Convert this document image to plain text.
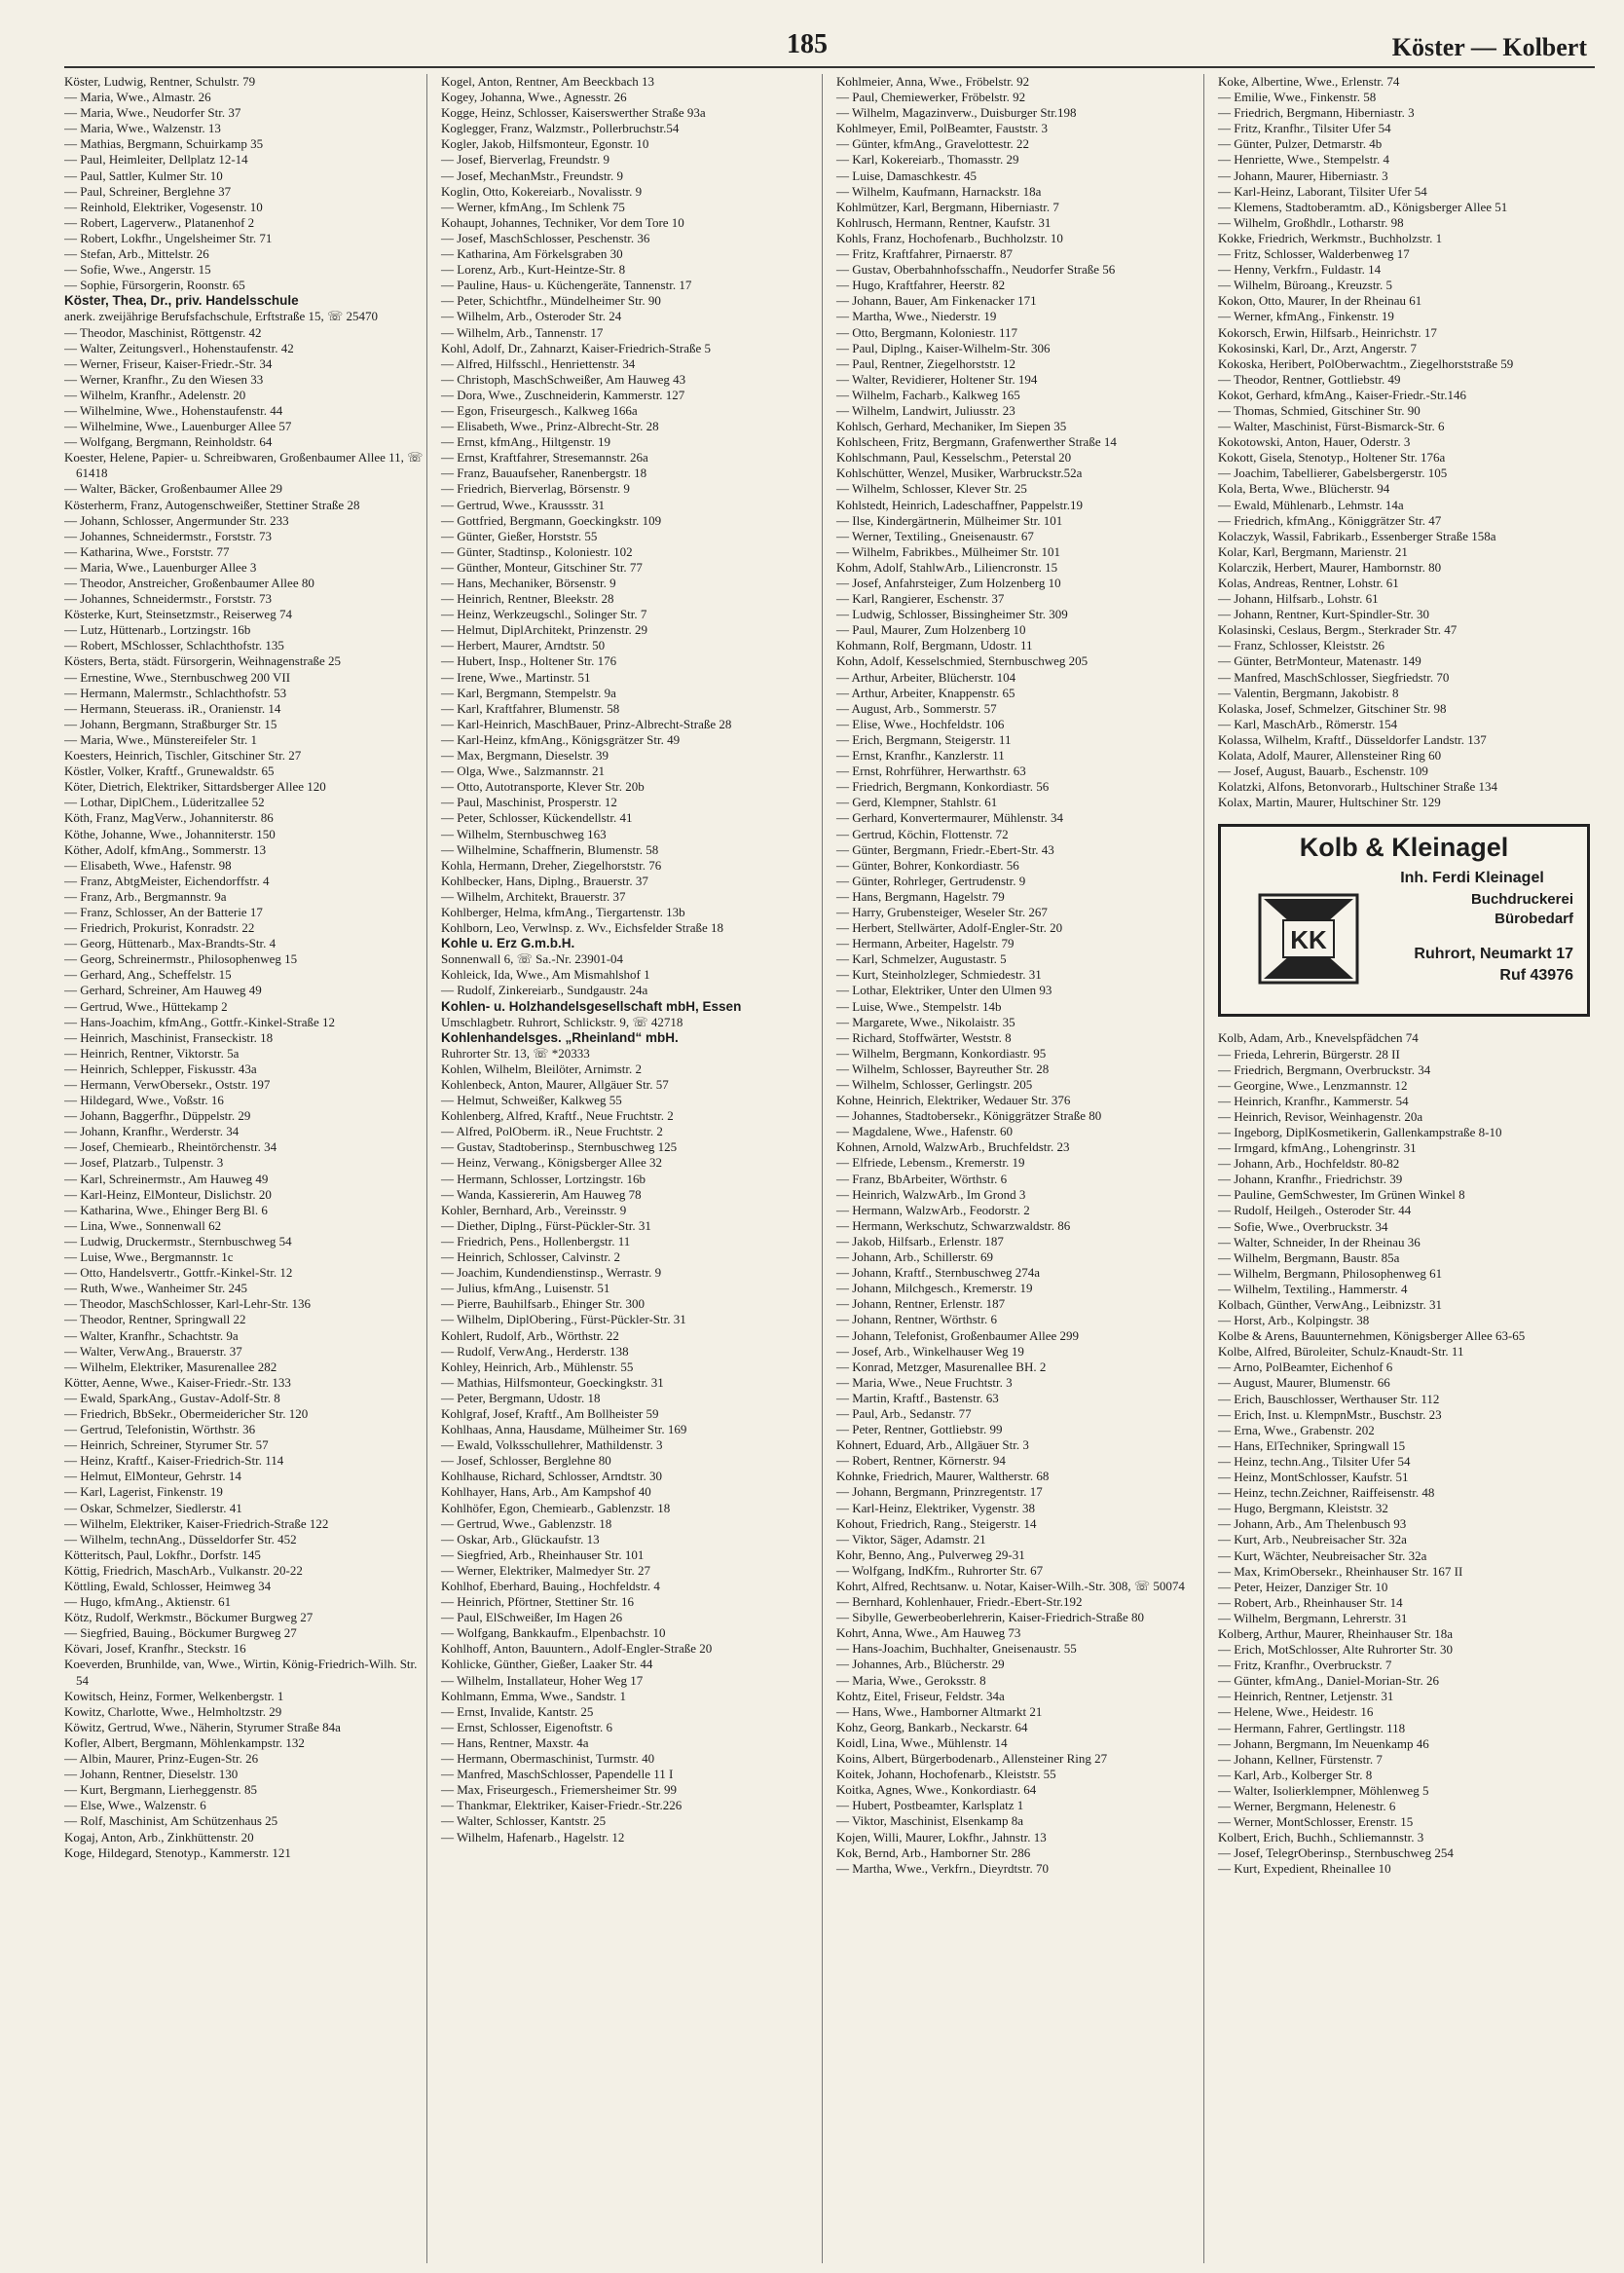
185	Köster — Kolbert
Köster, Ludwig, Rentner, Schulstr. 79
— Maria, Wwe., Almastr. 26
— Maria, Wwe., Neudorfer Str. 37
— Maria, Wwe., Walzenstr. 13
— Mathias, Bergmann, Schuirkamp 35
— Paul, Heimleiter, Dellplatz 12-14
— Paul, Sattler, Kulmer Str. 10
— Paul, Schreiner, Berglehne 37
— Reinhold, Elektriker, Vogesenstr. 10
— Robert, Lagerverw., Platanenhof 2
— Robert, Lokfhr., Ungelsheimer Str. 71
— Stefan, Arb., Mittelstr. 26
— Sofie, Wwe., Angerstr. 15
— Sophie, Fürsorgerin, Roonstr. 65
Köster, Thea, Dr., priv. Handelsschule
anerk. zweijährige Berufsfachschule, Erftstraße 15, ☏ 25470
— Theodor, Maschinist, Röttgenstr. 42
— Walter, Zeitungsverl., Hohenstaufenstr. 42
— Werner, Friseur, Kaiser-Friedr.-Str. 34
— Werner, Kranfhr., Zu den Wiesen 33
— Wilhelm, Kranfhr., Adelenstr. 20
— Wilhelmine, Wwe., Hohenstaufenstr. 44
— Wilhelmine, Wwe., Lauenburger Allee 57
— Wolfgang, Bergmann, Reinholdstr. 64
Koester, Helene, Papier- u. Schreibwaren, Großenbaumer Allee 11, ☏ 61418
— Walter, Bäcker, Großenbaumer Allee 29
Kösterherm, Franz, Autogenschweißer, Stettiner Straße 28
— Johann, Schlosser, Angermunder Str. 233
— Johannes, Schneidermstr., Forststr. 73
— Katharina, Wwe., Forststr. 77
— Maria, Wwe., Lauenburger Allee 3
— Theodor, Anstreicher, Großenbaumer Allee 80
— Johannes, Schneidermstr., Forststr. 73
Kösterke, Kurt, Steinsetzmstr., Reiserweg 74
— Lutz, Hüttenarb., Lortzingstr. 16b
— Robert, MSchlosser, Schlachthofstr. 135
Kösters, Berta, städt. Fürsorgerin, Weihnagenstraße 25
— Ernestine, Wwe., Sternbuschweg 200 VII
— Hermann, Malermstr., Schlachthofstr. 53
— Hermann, Steuerass. iR., Oranienstr. 14
— Johann, Bergmann, Straßburger Str. 15
— Maria, Wwe., Münstereifeler Str. 1
Koesters, Heinrich, Tischler, Gitschiner Str. 27
Köstler, Volker, Kraftf., Grunewaldstr. 65
Köter, Dietrich, Elektriker, Sittardsberger Allee 120
— Lothar, DiplChem., Lüderitzallee 52
Köth, Franz, MagVerw., Johanniterstr. 86
Köthe, Johanne, Wwe., Johanniterstr. 150
Köther, Adolf, kfmAng., Sommerstr. 13
— Elisabeth, Wwe., Hafenstr. 98
— Franz, AbtgMeister, Eichendorffstr. 4
— Franz, Arb., Bergmannstr. 9a
— Franz, Schlosser, An der Batterie 17
— Friedrich, Prokurist, Konradstr. 22
— Georg, Hüttenarb., Max-Brandts-Str. 4
— Georg, Schreinermstr., Philosophenweg 15
— Gerhard, Ang., Scheffelstr. 15
— Gerhard, Schreiner, Am Hauweg 49
— Gertrud, Wwe., Hüttekamp 2
— Hans-Joachim, kfmAng., Gottfr.-Kinkel-Straße 12
— Heinrich, Maschinist, Franseckistr. 18
— Heinrich, Rentner, Viktorstr. 5a
— Heinrich, Schlepper, Fiskusstr. 43a
— Hermann, VerwObersekr., Oststr. 197
— Hildegard, Wwe., Voßstr. 16
— Johann, Baggerfhr., Düppelstr. 29
— Johann, Kranfhr., Werderstr. 34
— Josef, Chemiearb., Rheintörchenstr. 34
— Josef, Platzarb., Tulpenstr. 3
— Karl, Schreinermstr., Am Hauweg 49
— Karl-Heinz, ElMonteur, Dislichstr. 20
— Katharina, Wwe., Ehinger Berg Bl. 6
— Lina, Wwe., Sonnenwall 62
— Ludwig, Druckermstr., Sternbuschweg 54
— Luise, Wwe., Bergmannstr. 1c
— Otto, Handelsvertr., Gottfr.-Kinkel-Str. 12
— Ruth, Wwe., Wanheimer Str. 245
— Theodor, MaschSchlosser, Karl-Lehr-Str. 136
— Theodor, Rentner, Springwall 22
— Walter, Kranfhr., Schachtstr. 9a
— Walter, VerwAng., Brauerstr. 37
— Wilhelm, Elektriker, Masurenallee 282
Kötter, Aenne, Wwe., Kaiser-Friedr.-Str. 133
— Ewald, SparkAng., Gustav-Adolf-Str. 8
— Friedrich, BbSekr., Obermeidericher Str. 120
— Gertrud, Telefonistin, Wörthstr. 36
— Heinrich, Schreiner, Styrumer Str. 57
— Heinz, Kraftf., Kaiser-Friedrich-Str. 114
— Helmut, ElMonteur, Gehrstr. 14
— Karl, Lagerist, Finkenstr. 19
— Oskar, Schmelzer, Siedlerstr. 41
— Wilhelm, Elektriker, Kaiser-Friedrich-Straße 122
— Wilhelm, technAng., Düsseldorfer Str. 452
Kötteritsch, Paul, Lokfhr., Dorfstr. 145
Köttig, Friedrich, MaschArb., Vulkanstr. 20-22
Köttling, Ewald, Schlosser, Heimweg 34
— Hugo, kfmAng., Aktienstr. 61
Kötz, Rudolf, Werkmstr., Böckumer Burgweg 27
— Siegfried, Bauing., Böckumer Burgweg 27
Kövari, Josef, Kranfhr., Steckstr. 16
Koeverden, Brunhilde, van, Wwe., Wirtin, König-Friedrich-Wilh. Str. 54
Kowitsch, Heinz, Former, Welkenbergstr. 1
Kowitz, Charlotte, Wwe., Helmholtzstr. 29
Köwitz, Gertrud, Wwe., Näherin, Styrumer Straße 84a
Kofler, Albert, Bergmann, Möhlenkampstr. 132
— Albin, Maurer, Prinz-Eugen-Str. 26
— Johann, Rentner, Dieselstr. 130
— Kurt, Bergmann, Lierheggenstr. 85
— Else, Wwe., Walzenstr. 6
— Rolf, Maschinist, Am Schützenhaus 25
Kogaj, Anton, Arb., Zinkhüttenstr. 20
Koge, Hildegard, Stenotyp., Kammerstr. 121
Kogel, Anton, Rentner, Am Beeckbach 13
Kogey, Johanna, Wwe., Agnesstr. 26
Kogge, Heinz, Schlosser, Kaiserswerther Straße 93a
Koglegger, Franz, Walzmstr., Pollerbruchstr.54
Kogler, Jakob, Hilfsmonteur, Egonstr. 10
— Josef, Bierverlag, Freundstr. 9
— Josef, MechanMstr., Freundstr. 9
Koglin, Otto, Kokereiarb., Novalisstr. 9
— Werner, kfmAng., Im Schlenk 75
Kohaupt, Johannes, Techniker, Vor dem Tore 10
— Josef, MaschSchlosser, Peschenstr. 36
— Katharina, Am Förkelsgraben 30
— Lorenz, Arb., Kurt-Heintze-Str. 8
— Pauline, Haus- u. Küchengeräte, Tannenstr. 17
— Peter, Schichtfhr., Mündelheimer Str. 90
— Wilhelm, Arb., Osteroder Str. 24
— Wilhelm, Arb., Tannenstr. 17
Kohl, Adolf, Dr., Zahnarzt, Kaiser-Friedrich-Straße 5
— Alfred, Hilfsschl., Henriettenstr. 34
— Christoph, MaschSchweißer, Am Hauweg 43
— Dora, Wwe., Zuschneiderin, Kammerstr. 127
— Egon, Friseurgesch., Kalkweg 166a
— Elisabeth, Wwe., Prinz-Albrecht-Str. 28
— Ernst, kfmAng., Hiltgenstr. 19
— Ernst, Kraftfahrer, Stresemannstr. 26a
— Franz, Bauaufseher, Ranenbergstr. 18
— Friedrich, Bierverlag, Börsenstr. 9
— Gertrud, Wwe., Kraussstr. 31
— Gottfried, Bergmann, Goeckingkstr. 109
— Günter, Gießer, Horststr. 55
— Günter, Stadtinsp., Koloniestr. 102
— Günther, Monteur, Gitschiner Str. 77
— Hans, Mechaniker, Börsenstr. 9
— Heinrich, Rentner, Bleekstr. 28
— Heinz, Werkzeugschl., Solinger Str. 7
— Helmut, DiplArchitekt, Prinzenstr. 29
— Herbert, Maurer, Arndtstr. 50
— Hubert, Insp., Holtener Str. 176
— Irene, Wwe., Martinstr. 51
— Karl, Bergmann, Stempelstr. 9a
— Karl, Kraftfahrer, Blumenstr. 58
— Karl-Heinrich, MaschBauer, Prinz-Albrecht-Straße 28
— Karl-Heinz, kfmAng., Königsgrätzer Str. 49
— Max, Bergmann, Dieselstr. 39
— Olga, Wwe., Salzmannstr. 21
— Otto, Autotransporte, Klever Str. 20b
— Paul, Maschinist, Prosperstr. 12
— Peter, Schlosser, Kückendellstr. 41
— Wilhelm, Sternbuschweg 163
— Wilhelmine, Schaffnerin, Blumenstr. 58
Kohla, Hermann, Dreher, Ziegelhorststr. 76
Kohlbecker, Hans, Diplng., Brauerstr. 37
— Wilhelm, Architekt, Brauerstr. 37
Kohlberger, Helma, kfmAng., Tiergartenstr. 13b
Kohlborn, Leo, Verwlnsp. z. Wv., Eichsfelder Straße 18
Kohle u. Erz G.m.b.H.
Sonnenwall 6, ☏ Sa.-Nr. 23901-04
Kohleick, Ida, Wwe., Am Mismahlshof 1
— Rudolf, Zinkereiarb., Sundgaustr. 24a
Kohlen- u. Holzhandelsgesellschaft mbH, Essen
Umschlagbetr. Ruhrort, Schlickstr. 9, ☏ 42718
Kohlenhandelsges. „Rheinland“ mbH.
Ruhrorter Str. 13, ☏ *20333
Kohlen, Wilhelm, Bleilöter, Arnimstr. 2
Kohlenbeck, Anton, Maurer, Allgäuer Str. 57
— Helmut, Schweißer, Kalkweg 55
Kohlenberg, Alfred, Kraftf., Neue Fruchtstr. 2
— Alfred, PolOberm. iR., Neue Fruchtstr. 2
— Gustav, Stadtoberinsp., Sternbuschweg 125
— Heinz, Verwang., Königsberger Allee 32
— Hermann, Schlosser, Lortzingstr. 16b
— Wanda, Kassiererin, Am Hauweg 78
Kohler, Bernhard, Arb., Vereinsstr. 9
— Diether, Diplng., Fürst-Pückler-Str. 31
— Friedrich, Pens., Hollenbergstr. 11
— Heinrich, Schlosser, Calvinstr. 2
— Joachim, Kundendienstinsp., Werrastr. 9
— Julius, kfmAng., Luisenstr. 51
— Pierre, Bauhilfsarb., Ehinger Str. 300
— Wilhelm, DiplObering., Fürst-Pückler-Str. 31
Kohlert, Rudolf, Arb., Wörthstr. 22
— Rudolf, VerwAng., Herderstr. 138
Kohley, Heinrich, Arb., Mühlenstr. 55
— Mathias, Hilfsmonteur, Goeckingkstr. 31
— Peter, Bergmann, Udostr. 18
Kohlgraf, Josef, Kraftf., Am Bollheister 59
Kohlhaas, Anna, Hausdame, Mülheimer Str. 169
— Ewald, Volksschullehrer, Mathildenstr. 3
— Josef, Schlosser, Berglehne 80
Kohlhause, Richard, Schlosser, Arndtstr. 30
Kohlhayer, Hans, Arb., Am Kampshof 40
Kohlhöfer, Egon, Chemiearb., Gablenzstr. 18
— Gertrud, Wwe., Gablenzstr. 18
— Oskar, Arb., Glückaufstr. 13
— Siegfried, Arb., Rheinhauser Str. 101
— Werner, Elektriker, Malmedyer Str. 27
Kohlhof, Eberhard, Bauing., Hochfeldstr. 4
— Heinrich, Pförtner, Stettiner Str. 16
— Paul, ElSchweißer, Im Hagen 26
— Wolfgang, Bankkaufm., Elpenbachstr. 10
Kohlhoff, Anton, Bauuntern., Adolf-Engler-Straße 20
Kohlicke, Günther, Gießer, Laaker Str. 44
— Wilhelm, Installateur, Hoher Weg 17
Kohlmann, Emma, Wwe., Sandstr. 1
— Ernst, Invalide, Kantstr. 25
— Ernst, Schlosser, Eigenoftstr. 6
— Hans, Rentner, Maxstr. 4a
— Hermann, Obermaschinist, Turmstr. 40
— Manfred, MaschSchlosser, Papendelle 11 I
— Max, Friseurgesch., Friemersheimer Str. 99
— Thankmar, Elektriker, Kaiser-Friedr.-Str.226
— Walter, Schlosser, Kantstr. 25
— Wilhelm, Hafenarb., Hagelstr. 12
Kohlmeier, Anna, Wwe., Fröbelstr. 92
— Paul, Chemiewerker, Fröbelstr. 92
— Wilhelm, Magazinverw., Duisburger Str.198
Kohlmeyer, Emil, PolBeamter, Fauststr. 3
— Günter, kfmAng., Gravelottestr. 22
— Karl, Kokereiarb., Thomasstr. 29
— Luise, Damaschkestr. 45
— Wilhelm, Kaufmann, Harnackstr. 18a
Kohlmützer, Karl, Bergmann, Hiberniastr. 7
Kohlrusch, Hermann, Rentner, Kaufstr. 31
Kohls, Franz, Hochofenarb., Buchholzstr. 10
— Fritz, Kraftfahrer, Pirnaerstr. 87
— Gustav, Oberbahnhofsschaffn., Neudorfer Straße 56
— Hugo, Kraftfahrer, Heerstr. 82
— Johann, Bauer, Am Finkenacker 171
— Martha, Wwe., Niederstr. 19
— Otto, Bergmann, Koloniestr. 117
— Paul, Diplng., Kaiser-Wilhelm-Str. 306
— Paul, Rentner, Ziegelhorststr. 12
— Walter, Revidierer, Holtener Str. 194
— Wilhelm, Facharb., Kalkweg 165
— Wilhelm, Landwirt, Juliusstr. 23
Kohlsch, Gerhard, Mechaniker, Im Siepen 35
Kohlscheen, Fritz, Bergmann, Grafenwerther Straße 14
Kohlschmann, Paul, Kesselschm., Peterstal 20
Kohlschütter, Wenzel, Musiker, Warbruckstr.52a
— Wilhelm, Schlosser, Klever Str. 25
Kohlstedt, Heinrich, Ladeschaffner, Pappelstr.19
— Ilse, Kindergärtnerin, Mülheimer Str. 101
— Werner, Textiling., Gneisenaustr. 67
— Wilhelm, Fabrikbes., Mülheimer Str. 101
Kohm, Adolf, StahlwArb., Liliencronstr. 15
— Josef, Anfahrsteiger, Zum Holzenberg 10
— Karl, Rangierer, Eschenstr. 37
— Ludwig, Schlosser, Bissingheimer Str. 309
— Paul, Maurer, Zum Holzenberg 10
Kohmann, Rolf, Bergmann, Udostr. 11
Kohn, Adolf, Kesselschmied, Sternbuschweg 205
— Arthur, Arbeiter, Blücherstr. 104
— Arthur, Arbeiter, Knappenstr. 65
— August, Arb., Sommerstr. 57
— Elise, Wwe., Hochfeldstr. 106
— Erich, Bergmann, Steigerstr. 11
— Ernst, Kranfhr., Kanzlerstr. 11
— Ernst, Rohrführer, Herwarthstr. 63
— Friedrich, Bergmann, Konkordiastr. 56
— Gerd, Klempner, Stahlstr. 61
— Gerhard, Konvertermaurer, Mühlenstr. 34
— Gertrud, Köchin, Flottenstr. 72
— Günter, Bergmann, Friedr.-Ebert-Str. 43
— Günter, Bohrer, Konkordiastr. 56
— Günter, Rohrleger, Gertrudenstr. 9
— Hans, Bergmann, Hagelstr. 79
— Harry, Grubensteiger, Weseler Str. 267
— Herbert, Stellwärter, Adolf-Engler-Str. 20
— Hermann, Arbeiter, Hagelstr. 79
— Karl, Schmelzer, Augustastr. 5
— Kurt, Steinholzleger, Schmiedestr. 31
— Lothar, Elektriker, Unter den Ulmen 93
— Luise, Wwe., Stempelstr. 14b
— Margarete, Wwe., Nikolaistr. 35
— Richard, Stoffwärter, Weststr. 8
— Wilhelm, Bergmann, Konkordiastr. 95
— Wilhelm, Schlosser, Bayreuther Str. 28
— Wilhelm, Schlosser, Gerlingstr. 205
Kohne, Heinrich, Elektriker, Wedauer Str. 376
— Johannes, Stadtobersekr., Königgrätzer Straße 80
— Magdalene, Wwe., Hafenstr. 60
Kohnen, Arnold, WalzwArb., Bruchfeldstr. 23
— Elfriede, Lebensm., Kremerstr. 19
— Franz, BbArbeiter, Wörthstr. 6
— Heinrich, WalzwArb., Im Grond 3
— Hermann, WalzwArb., Feodorstr. 2
— Hermann, Werkschutz, Schwarzwaldstr. 86
— Jakob, Hilfsarb., Erlenstr. 187
— Johann, Arb., Schillerstr. 69
— Johann, Kraftf., Sternbuschweg 274a
— Johann, Milchgesch., Kremerstr. 19
— Johann, Rentner, Erlenstr. 187
— Johann, Rentner, Wörthstr. 6
— Johann, Telefonist, Großenbaumer Allee 299
— Josef, Arb., Winkelhauser Weg 19
— Konrad, Metzger, Masurenallee BH. 2
— Maria, Wwe., Neue Fruchtstr. 3
— Martin, Kraftf., Bastenstr. 63
— Paul, Arb., Sedanstr. 77
— Peter, Rentner, Gottliebstr. 99
Kohnert, Eduard, Arb., Allgäuer Str. 3
— Robert, Rentner, Körnerstr. 94
Kohnke, Friedrich, Maurer, Waltherstr. 68
— Johann, Bergmann, Prinzregentstr. 17
— Karl-Heinz, Elektriker, Vygenstr. 38
Kohout, Friedrich, Rang., Steigerstr. 14
— Viktor, Säger, Adamstr. 21
Kohr, Benno, Ang., Pulverweg 29-31
— Wolfgang, IndKfm., Ruhrorter Str. 67
Kohrt, Alfred, Rechtsanw. u. Notar, Kaiser-Wilh.-Str. 308, ☏ 50074
— Bernhard, Kohlenhauer, Friedr.-Ebert-Str.192
— Sibylle, Gewerbeoberlehrerin, Kaiser-Friedrich-Straße 80
Kohrt, Anna, Wwe., Am Hauweg 73
— Hans-Joachim, Buchhalter, Gneisenaustr. 55
— Johannes, Arb., Blücherstr. 29
— Maria, Wwe., Geroksstr. 8
Kohtz, Eitel, Friseur, Feldstr. 34a
— Hans, Wwe., Hamborner Altmarkt 21
Kohz, Georg, Bankarb., Neckarstr. 64
Koidl, Lina, Wwe., Mühlenstr. 14
Koins, Albert, Bürgerbodenarb., Allensteiner Ring 27
Koitek, Johann, Hochofenarb., Kleiststr. 55
Koitka, Agnes, Wwe., Konkordiastr. 64
— Hubert, Postbeamter, Karlsplatz 1
— Viktor, Maschinist, Elsenkamp 8a
Kojen, Willi, Maurer, Lokfhr., Jahnstr. 13
Kok, Bernd, Arb., Hamborner Str. 286
— Martha, Wwe., Verkfrn., Dieyrdtstr. 70
Koke, Albertine, Wwe., Erlenstr. 74
— Emilie, Wwe., Finkenstr. 58
— Friedrich, Bergmann, Hiberniastr. 3
— Fritz, Kranfhr., Tilsiter Ufer 54
— Günter, Pulzer, Detmarstr. 4b
— Henriette, Wwe., Stempelstr. 4
— Johann, Maurer, Hiberniastr. 3
— Karl-Heinz, Laborant, Tilsiter Ufer 54
— Klemens, Stadtoberamtm. aD., Königsberger Allee 51
— Wilhelm, Großhdlr., Lotharstr. 98
Kokke, Friedrich, Werkmstr., Buchholzstr. 1
— Fritz, Schlosser, Walderbenweg 17
— Henny, Verkfrn., Fuldastr. 14
— Wilhelm, Büroang., Kreuzstr. 5
Kokon, Otto, Maurer, In der Rheinau 61
— Werner, kfmAng., Finkenstr. 19
Kokorsch, Erwin, Hilfsarb., Heinrichstr. 17
Kokosinski, Karl, Dr., Arzt, Angerstr. 7
Kokoska, Heribert, PolOberwachtm., Ziegelhorststraße 59
— Theodor, Rentner, Gottliebstr. 49
Kokot, Gerhard, kfmAng., Kaiser-Friedr.-Str.146
— Thomas, Schmied, Gitschiner Str. 90
— Walter, Maschinist, Fürst-Bismarck-Str. 6
Kokotowski, Anton, Hauer, Oderstr. 3
Kokott, Gisela, Stenotyp., Holtener Str. 176a
— Joachim, Tabellierer, Gabelsbergerstr. 105
Kola, Berta, Wwe., Blücherstr. 94
— Ewald, Mühlenarb., Lehmstr. 14a
— Friedrich, kfmAng., Königgrätzer Str. 47
Kolaczyk, Wassil, Fabrikarb., Essenberger Straße 158a
Kolar, Karl, Bergmann, Marienstr. 21
Kolarczik, Herbert, Maurer, Hambornstr. 80
Kolas, Andreas, Rentner, Lohstr. 61
— Johann, Hilfsarb., Lohstr. 61
— Johann, Rentner, Kurt-Spindler-Str. 30
Kolasinski, Ceslaus, Bergm., Sterkrader Str. 47
— Franz, Schlosser, Kleiststr. 26
— Günter, BetrMonteur, Matenastr. 149
— Manfred, MaschSchlosser, Siegfriedstr. 70
— Valentin, Bergmann, Jakobistr. 8
Kolaska, Josef, Schmelzer, Gitschiner Str. 98
— Karl, MaschArb., Römerstr. 154
Kolassa, Wilhelm, Kraftf., Düsseldorfer Landstr. 137
Kolata, Adolf, Maurer, Allensteiner Ring 60
— Josef, August, Bauarb., Eschenstr. 109
Kolatzki, Alfons, Betonvorarb., Hultschiner Straße 134
Kolax, Martin, Maurer, Hultschiner Str. 129
Kolb & Kleinagel
KK
Inh. Ferdi Kleinagel
Buchdruckerei
Bürobedarf
Ruhrort, Neumarkt 17
Ruf 43976
Kolb, Adam, Arb., Knevelspfädchen 74
— Frieda, Lehrerin, Bürgerstr. 28 II
— Friedrich, Bergmann, Overbruckstr. 34
— Georgine, Wwe., Lenzmannstr. 12
— Heinrich, Kranfhr., Kammerstr. 54
— Heinrich, Revisor, Weinhagenstr. 20a
— Ingeborg, DiplKosmetikerin, Gallenkampstraße 8-10
— Irmgard, kfmAng., Lohengrinstr. 31
— Johann, Arb., Hochfeldstr. 80-82
— Johann, Kranfhr., Friedrichstr. 39
— Pauline, GemSchwester, Im Grünen Winkel 8
— Rudolf, Heilgeh., Osteroder Str. 44
— Sofie, Wwe., Overbruckstr. 34
— Walter, Schneider, In der Rheinau 36
— Wilhelm, Bergmann, Baustr. 85a
— Wilhelm, Bergmann, Philosophenweg 61
— Wilhelm, Textiling., Hammerstr. 4
Kolbach, Günther, VerwAng., Leibnizstr. 31
— Horst, Arb., Kolpingstr. 38
Kolbe & Arens, Bauunternehmen, Königsberger Allee 63-65
Kolbe, Alfred, Büroleiter, Schulz-Knaudt-Str. 11
— Arno, PolBeamter, Eichenhof 6
— August, Maurer, Blumenstr. 66
— Erich, Bauschlosser, Werthauser Str. 112
— Erich, Inst. u. KlempnMstr., Buschstr. 23
— Erna, Wwe., Grabenstr. 202
— Hans, ElTechniker, Springwall 15
— Heinz, techn.Ang., Tilsiter Ufer 54
— Heinz, MontSchlosser, Kaufstr. 51
— Heinz, techn.Zeichner, Raiffeisenstr. 48
— Hugo, Bergmann, Kleiststr. 32
— Johann, Arb., Am Thelenbusch 93
— Kurt, Arb., Neubreisacher Str. 32a
— Kurt, Wächter, Neubreisacher Str. 32a
— Max, KrimObersekr., Rheinhauser Str. 167 II
— Peter, Heizer, Danziger Str. 10
— Robert, Arb., Rheinhauser Str. 14
— Wilhelm, Bergmann, Lehrerstr. 31
Kolberg, Arthur, Maurer, Rheinhauser Str. 18a
— Erich, MotSchlosser, Alte Ruhrorter Str. 30
— Fritz, Kranfhr., Overbruckstr. 7
— Günter, kfmAng., Daniel-Morian-Str. 26
— Heinrich, Rentner, Letjenstr. 31
— Helene, Wwe., Heidestr. 16
— Hermann, Fahrer, Gertlingstr. 118
— Johann, Bergmann, Im Neuenkamp 46
— Johann, Kellner, Fürstenstr. 7
— Karl, Arb., Kolberger Str. 8
— Walter, Isolierklempner, Möhlenweg 5
— Werner, Bergmann, Helenestr. 6
— Werner, MontSchlosser, Erenstr. 15
Kolbert, Erich, Buchh., Schliemannstr. 3
— Josef, TelegrOberinsp., Sternbuschweg 254
— Kurt, Expedient, Rheinallee 10
